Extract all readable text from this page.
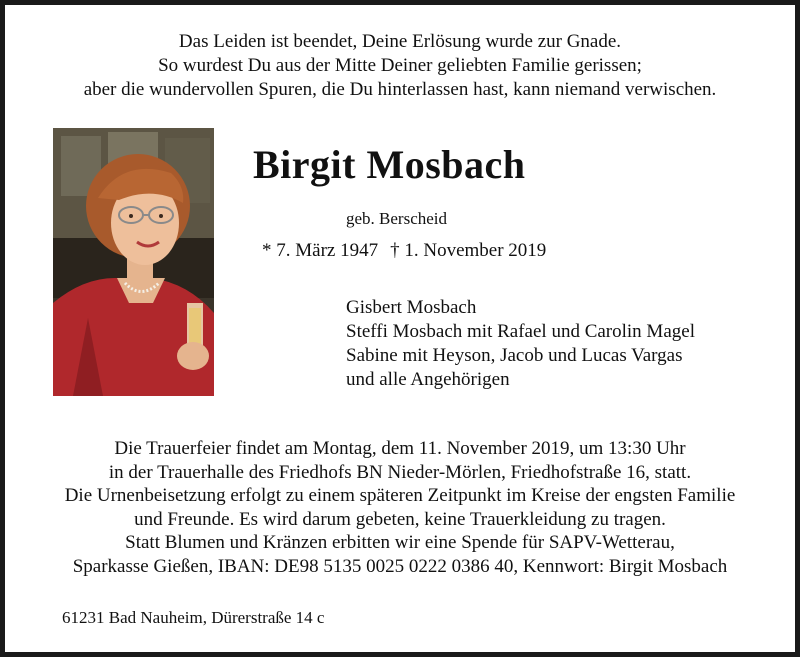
Das Leiden ist beendet, Deine Erlösung wurde zur Gnade.
So wurdest Du aus der Mitte Deiner geliebten Familie gerissen;
aber die wundervollen Spuren, die Du hinterlassen hast, kann niemand verwischen.
Birgit Mosbach
geb. Berscheid
* 7. März 1947 † 1. November 2019
Gisbert Mosbach
Steffi Mosbach mit Rafael und Carolin Magel
Sabine mit Heyson, Jacob und Lucas Vargas
und alle Angehörigen
Die Trauerfeier findet am Montag, dem 11. November 2019, um 13:30 Uhr
in der Trauerhalle des Friedhofs BN Nieder-Mörlen, Friedhofstraße 16, statt.
Die Urnenbeisetzung erfolgt zu einem späteren Zeitpunkt im Kreise der engsten Familie
und Freunde. Es wird darum gebeten, keine Trauerkleidung zu tragen.
Statt Blumen und Kränzen erbitten wir eine Spende für SAPV-Wetterau,
Sparkasse Gießen, IBAN: DE98 5135 0025 0222 0386 40, Kennwort: Birgit Mosbach
61231 Bad Nauheim, Dürerstraße 14 c
